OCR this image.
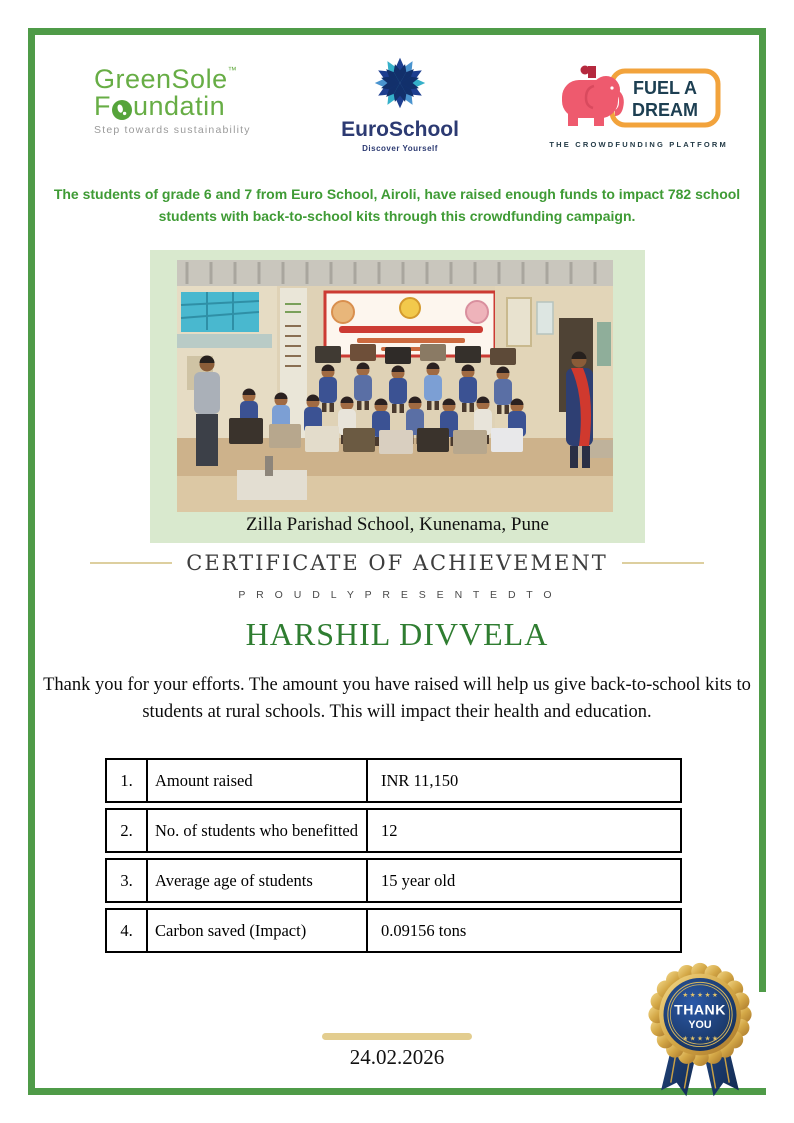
GreenSole™
F undati n
Step towards sustainability	EuroSchool
Discover Yourself
FUEL A
DREAM
THE CROWDFUNDING PLATFORM
The students of grade 6 and 7 from Euro School, Airoli, have raised enough funds to impact 782 school students with back-to-school kits through this crowdfunding campaign.
Zilla Parishad School, Kunenama, Pune
CERTIFICATE OF ACHIEVEMENT
P R O U D L Y P R E S E N T E D T O
HARSHIL DIVVELA
Thank you for your efforts. The amount you have raised will help us give back-to-school kits to students at rural schools. This will impact their health and education.
1.	Amount raised	INR 11,150
2.	No. of students who benefitted	12
3.	Average age of students	15 year old
4.	Carbon saved (Impact)	0.09156 tons
★ ★ ★ ★ ★
THANK
YOU
★ ★ ★ ★ ★
24.02.2026
